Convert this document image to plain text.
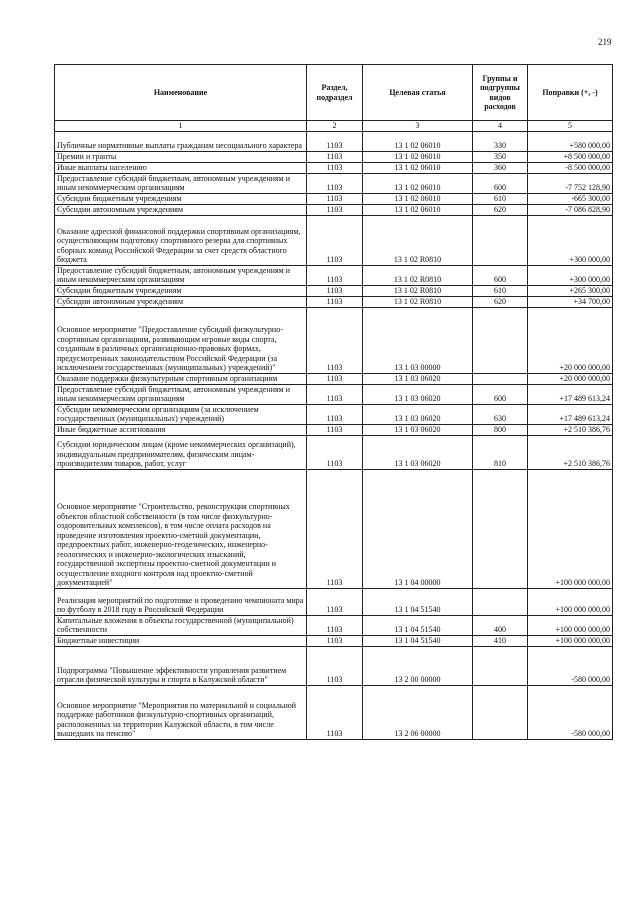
219
Наименование	Раздел, подраздел	Целевая статья	Группы и подгруппы видов расходов	Поправки (+, -)
1	2	3	4	5
Публичные нормативные выплаты гражданам несоциального характера	1103	13 1 02 06010	330	+580 000,00
Премии и гранты	1103	13 1 02 06010	350	+8 500 000,00
Иные выплаты населению	1103	13 1 02 06010	360	-8 500 000,00
Предоставление субсидий бюджетным, автономным учреждениям и иным некоммерческим организациям	1103	13 1 02 06010	600	-7 752 128,90
Субсидии бюджетным учреждениям	1103	13 1 02 06010	610	-665 300,00
Субсидии автономным учреждениям	1103	13 1 02 06010	620	-7 086 828,90
Оказание адресной финансовой поддержки спортивным организациям, осуществляющим подготовку спортивного резерва для спортивных сборных команд Российской Федерации за счет средств областного бюджета	1103	13 1 02 R0810		+300 000,00
Предоставление субсидий бюджетным, автономным учреждениям и иным некоммерческим организациям	1103	13 1 02 R0810	600	+300 000,00
Субсидии бюджетным учреждениям	1103	13 1 02 R0810	610	+265 300,00
Субсидии автономным учреждениям	1103	13 1 02 R0810	620	+34 700,00
Основное мероприятие "Предоставление субсидий физкультурно-спортивным организациям, развивающим игровые виды спорта, созданным в различных организационно-правовых формах, предусмотренных законодательством Российской Федерации (за исключением государственных (муниципальных) учреждений)"	1103	13 1 03 00000		+20 000 000,00
Оказание поддержки физкультурным спортивным организациям	1103	13 1 03 06020		+20 000 000,00
Предоставление субсидий бюджетным, автономным учреждениям и иным некоммерческим организациям	1103	13 1 03 06020	600	+17 489 613,24
Субсидии некоммерческим организациям (за исключением государственных (муниципальных) учреждений)	1103	13 1 03 06020	630	+17 489 613,24
Иные бюджетные ассигнования	1103	13 1 03 06020	800	+2 510 386,76
Субсидии юридическим лицам (кроме некоммерческих организаций), индивидуальным предпринимателям, физическим лицам-производителям товаров, работ, услуг	1103	13 1 03 06020	810	+2 510 386,76
Основное мероприятие "Строительство, реконструкция спортивных объектов областной собственности (в том числе физкультурно-оздоровительных комплексов), в том числе оплата расходов на проведение изготовления проектно-сметной документации, предпроектных работ, инженерно-геодезических, инженерно-геологических и инженерно-экологических изысканий, государственной экспертизы проектно-сметной документации и осуществление входного контроля над проектно-сметной документацией"	1103	13 1 04 00000		+100 000 000,00
Реализация мероприятий по подготовке и проведению чемпионата мира по футболу в 2018 году в Российской Федерации	1103	13 1 04 51540		+100 000 000,00
Капитальные вложения в объекты государственной (муниципальной) собственности	1103	13 1 04 51540	400	+100 000 000,00
Бюджетные инвестиции	1103	13 1 04 51540	410	+100 000 000,00
Подпрограмма "Повышение эффективности управления развитием отрасли физической культуры и спорта в Калужской области"	1103	13 2 00 00000		-580 000,00
Основное мероприятие "Мероприятия по материальной и социальной поддержке работников физкультурно-спортивных организаций, расположенных на территории Калужской области, в том числе вышедших на пенсию"	1103	13 2 06 00000		-580 000,00
